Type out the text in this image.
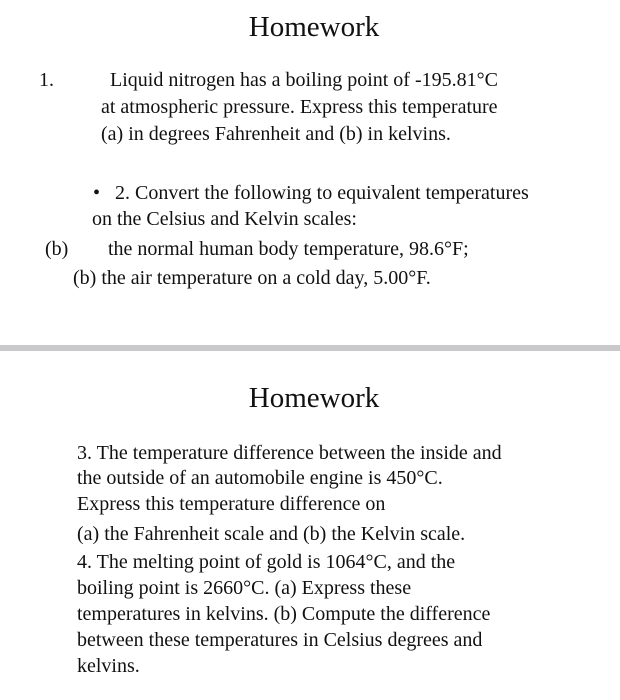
Homework
1.	Liquid nitrogen has a boiling point of -195.81°C
at atmospheric pressure. Express this temperature
(a) in degrees Fahrenheit and (b) in kelvins.
• 2. Convert the following to equivalent temperatures
on the Celsius and Kelvin scales:
(b) the normal human body temperature, 98.6°F;
(b) the air temperature on a cold day, 5.00°F.
Homework
3. The temperature difference between the inside and
the outside of an automobile engine is 450°C.
Express this temperature difference on
(a) the Fahrenheit scale and (b) the Kelvin scale.
4. The melting point of gold is 1064°C, and the
boiling point is 2660°C. (a) Express these
temperatures in kelvins. (b) Compute the difference
between these temperatures in Celsius degrees and
kelvins.
